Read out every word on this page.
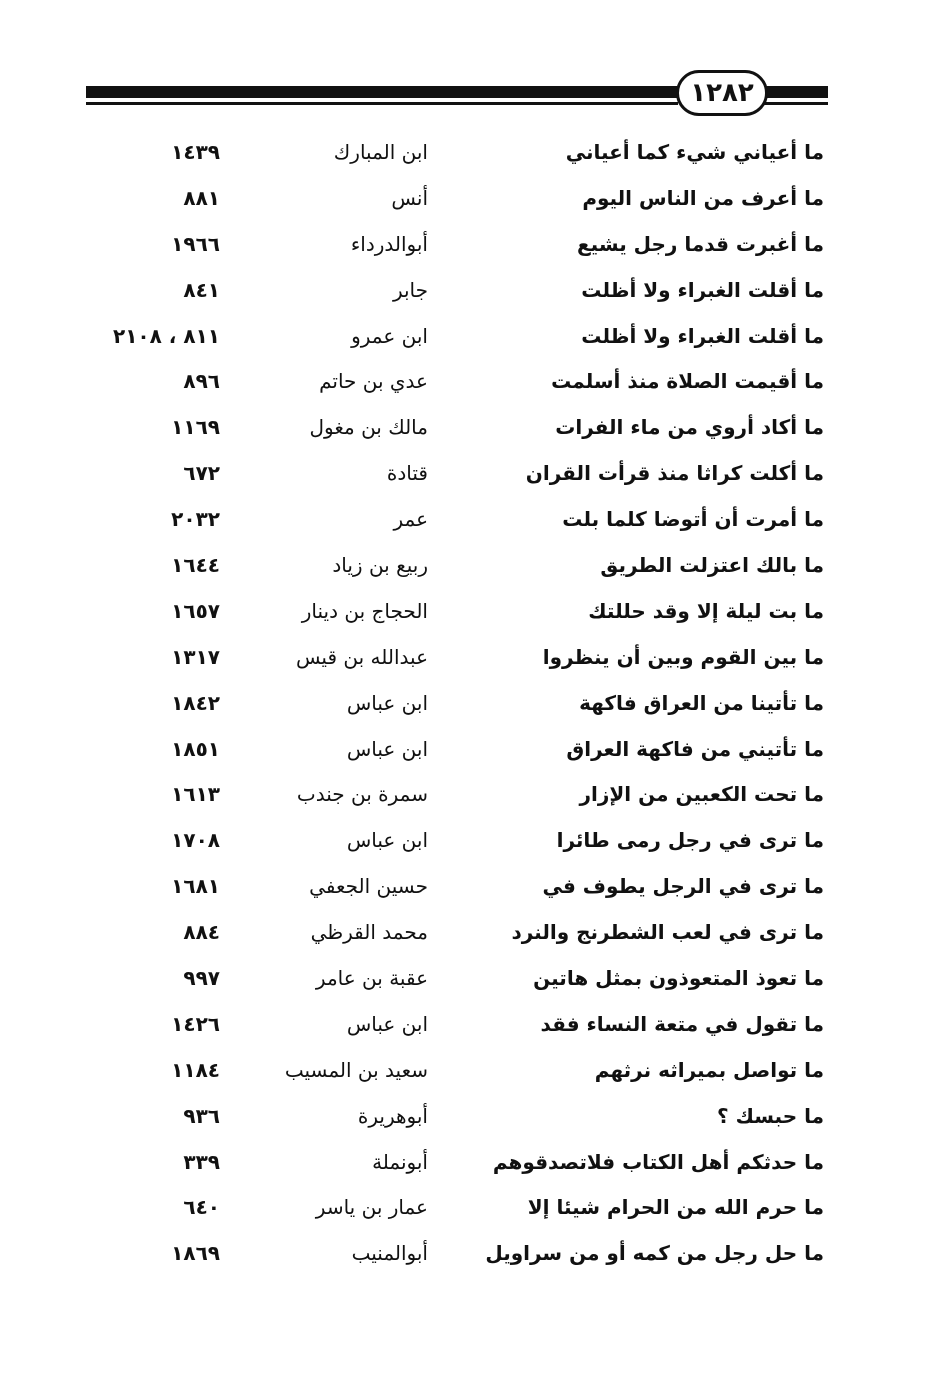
١٢٨٢
ما أعياني شيء كما أعياني
ابن المبارك
١٤٣٩
ما أعرف من الناس اليوم
أنس
٨٨١
ما أغبرت قدما رجل يشيع
أبوالدرداء
١٩٦٦
ما أقلت الغبراء ولا أظلت
جابر
٨٤١
ما أقلت الغبراء ولا أظلت
ابن عمرو
٨١١ ، ٢١٠٨
ما أقيمت الصلاة منذ أسلمت
عدي بن حاتم
٨٩٦
ما أكاد أروي من ماء الفرات
مالك بن مغول
١١٦٩
ما أكلت كراثا منذ قرأت القران
قتادة
٦٧٢
ما أمرت أن أتوضا كلما بلت
عمر
٢٠٣٢
ما بالك اعتزلت الطريق
ربيع بن زياد
١٦٤٤
ما بت ليلة إلا وقد حللتك
الحجاج بن دينار
١٦٥٧
ما بين القوم وبين أن ينظروا
عبدالله بن قيس
١٣١٧
ما تأتينا من العراق فاكهة
ابن عباس
١٨٤٢
ما تأتيني من فاكهة العراق
ابن عباس
١٨٥١
ما تحت الكعبين من الإزار
سمرة بن جندب
١٦١٣
ما ترى في رجل رمى طائرا
ابن عباس
١٧٠٨
ما ترى في الرجل يطوف في
حسين الجعفي
١٦٨١
ما ترى في لعب الشطرنج والنرد
محمد القرظي
٨٨٤
ما تعوذ المتعوذون بمثل هاتين
عقبة بن عامر
٩٩٧
ما تقول في متعة النساء فقد
ابن عباس
١٤٢٦
ما تواصل بميراثه نرثهم
سعيد بن المسيب
١١٨٤
ما حبسك ؟
أبوهريرة
٩٣٦
ما حدثكم أهل الكتاب فلاتصدقوهم
أبونملة
٣٣٩
ما حرم الله من الحرام شيئا إلا
عمار بن ياسر
٦٤٠
ما حل رجل من كمه أو من سراويل
أبوالمنيب
١٨٦٩
